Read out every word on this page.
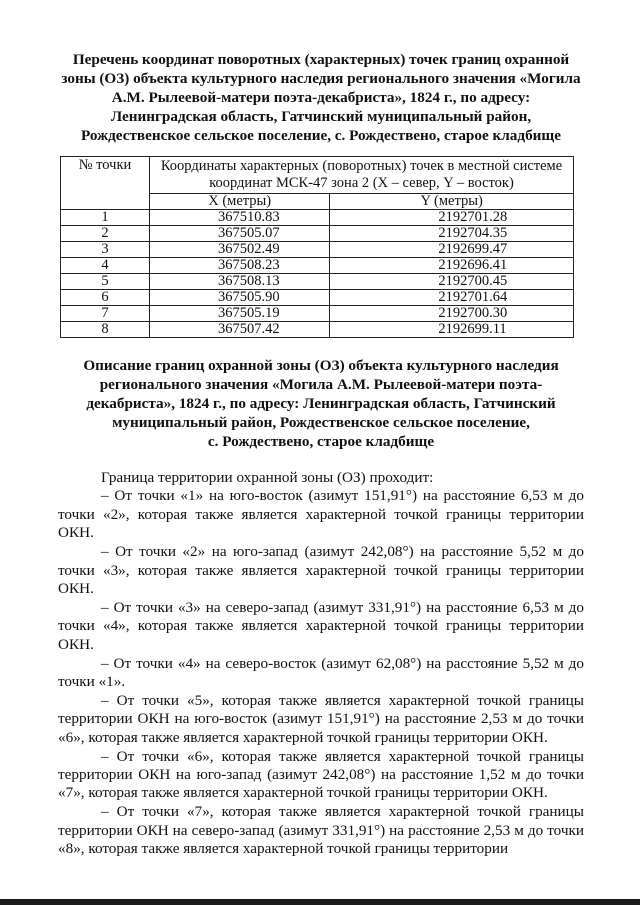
Перечень координат поворотных (характерных) точек границ охранной
зоны (ОЗ) объекта культурного наследия регионального значения «Могила
А.М. Рылеевой-матери поэта-декабриста», 1824 г., по адресу:
Ленинградская область, Гатчинский муниципальный район,
Рождественское сельское поселение, с. Рождествено, старое кладбище
№ точки	Координаты характерных (поворотных) точек в местной системе
координат МСК-47 зона 2 (X – север, Y – восток)	

	X (метры)	Y (метры)
1	367510.83	2192701.28
2	367505.07	2192704.35
3	367502.49	2192699.47
4	367508.23	2192696.41
5	367508.13	2192700.45
6	367505.90	2192701.64
7	367505.19	2192700.30
8	367507.42	2192699.11
Описание границ охранной зоны (ОЗ) объекта культурного наследия
регионального значения «Могила А.М. Рылеевой-матери поэта-
декабриста», 1824 г., по адресу: Ленинградская область, Гатчинский
муниципальный район, Рождественское сельское поселение,
с. Рождествено, старое кладбище

Граница территории охранной зоны (ОЗ) проходит:

– От точки «1» на юго-восток (азимут 151,91°) на расстояние 6,53 м до точки «2», которая также является характерной точкой границы территории ОКН.

– От точки «2» на юго-запад (азимут 242,08°) на расстояние 5,52 м до точки «3», которая также является характерной точкой границы территории ОКН.

– От точки «3» на северо-запад (азимут 331,91°) на расстояние 6,53 м до точки «4», которая также является характерной точкой границы территории ОКН.

– От точки «4» на северо-восток (азимут 62,08°) на расстояние 5,52 м до точки «1».

– От точки «5», которая также является характерной точкой границы территории ОКН на юго-восток (азимут 151,91°) на расстояние 2,53 м до точки «6», которая также является характерной точкой границы территории ОКН.

– От точки «6», которая также является характерной точкой границы территории ОКН на юго-запад (азимут 242,08°) на расстояние 1,52 м до точки «7», которая также является характерной точкой границы территории ОКН.

– От точки «7», которая также является характерной точкой границы территории ОКН на северо-запад (азимут 331,91°) на расстояние 2,53 м до точки «8», которая также является характерной точкой границы территории
